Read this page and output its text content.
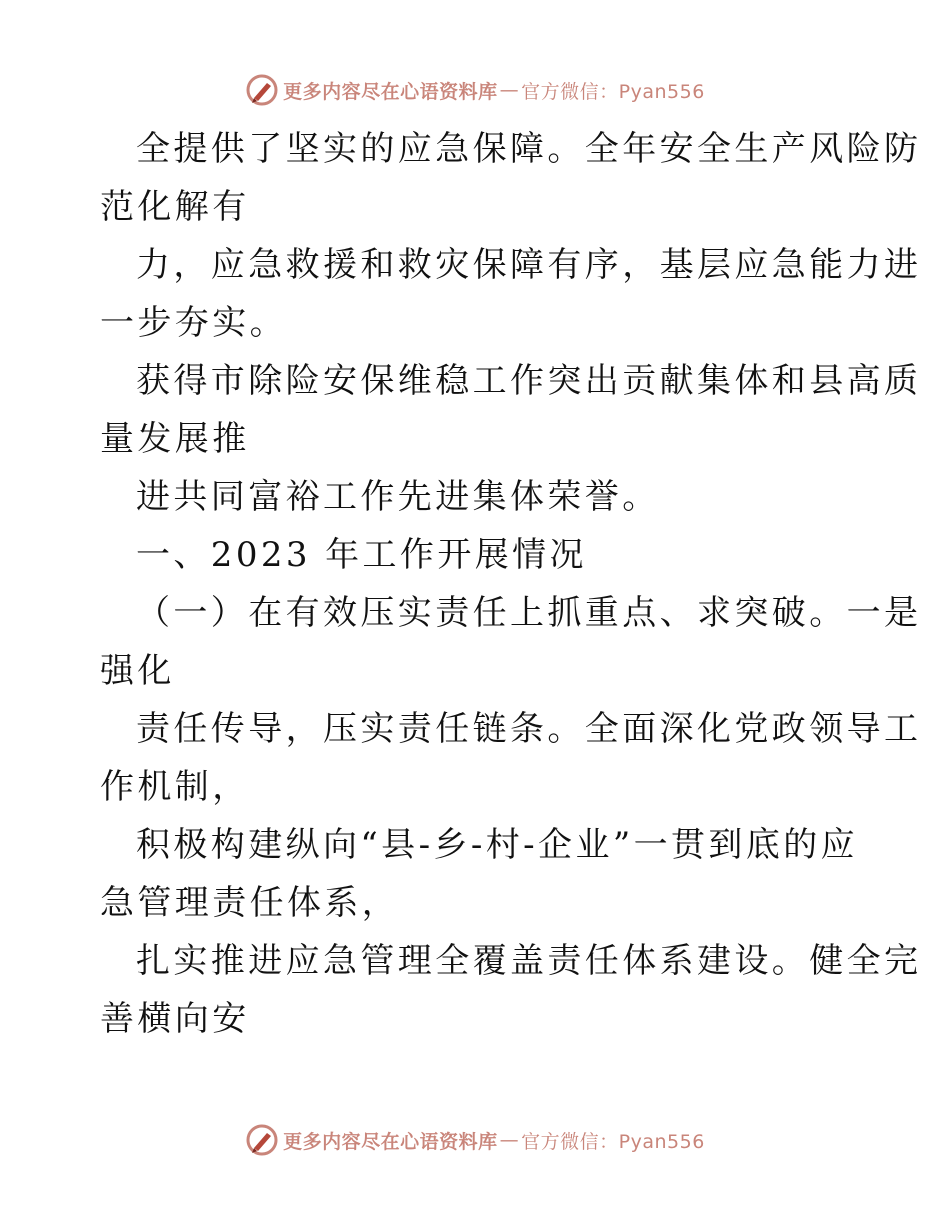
更多内容尽在心语资料库 — 官方微信：Pyan556
全提供了坚实的应急保障。全年安全生产风险防
范化解有
力，应急救援和救灾保障有序，基层应急能力进
一步夯实。
获得市除险安保维稳工作突出贡献集体和县高质
量发展推
进共同富裕工作先进集体荣誉。
一、2023 年工作开展情况
（一）在有效压实责任上抓重点、求突破。一是
强化
责任传导，压实责任链条。全面深化党政领导工
作机制，
积极构建纵向“县-乡-村-企业”一贯到底的应
急管理责任体系，
扎实推进应急管理全覆盖责任体系建设。健全完
善横向安
更多内容尽在心语资料库 — 官方微信：Pyan556
